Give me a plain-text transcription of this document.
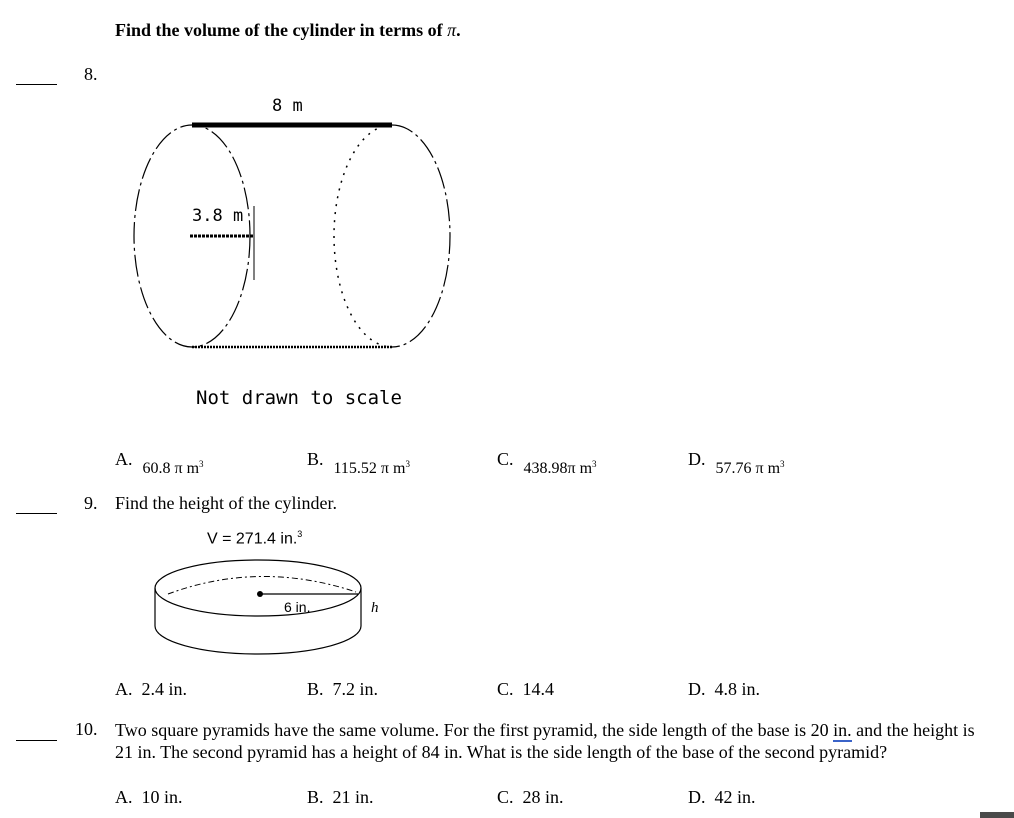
Find the volume of the cylinder in terms of π.
8.
8 m
3.8 m
Not drawn to scale
A. 60.8 π $m^3$	B. 115.52 π $m^3$	C. 438.98π $m^3$	D. 57.76 π $m^3$
9. Find the height of the cylinder.
V = 271.4 in.$^3$
6 in.	h
A. 2.4 in.	B. 7.2 in.	C. 14.4	D. 4.8 in.
10. Two square pyramids have the same volume. For the first pyramid, the side length of the base is 20 in. and the height is 21 in. The second pyramid has a height of 84 in. What is the side length of the base of the second pyramid?
A. 10 in.	B. 21 in.	C. 28 in.	D. 42 in.
